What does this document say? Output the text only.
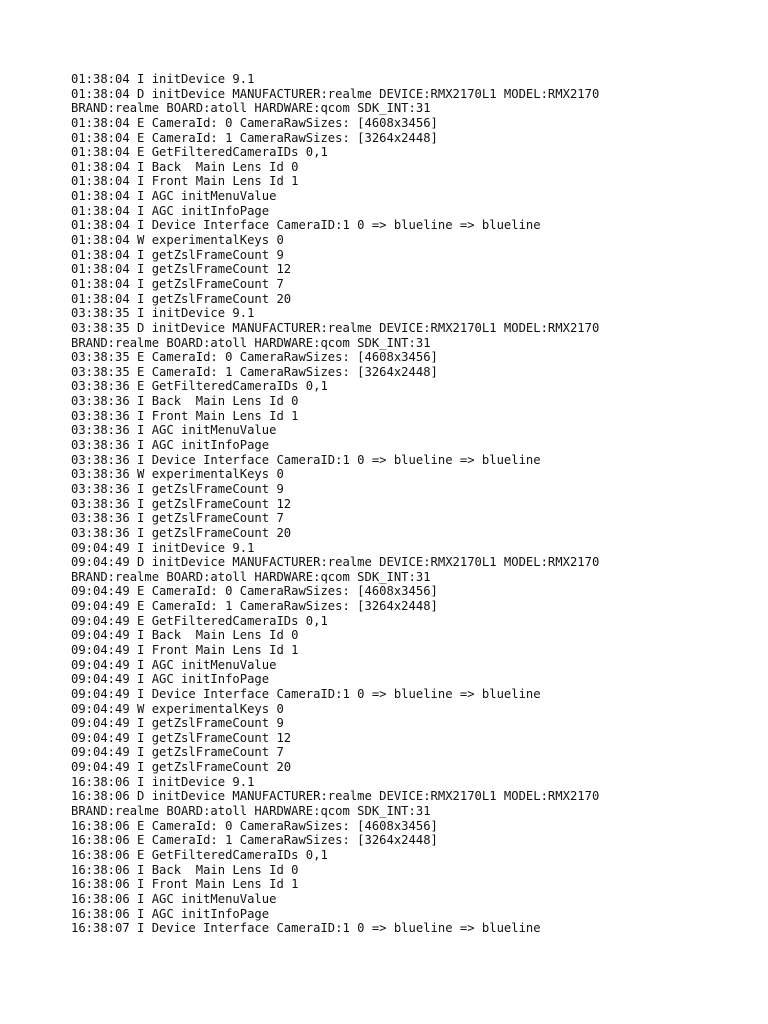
01:38:04 I initDevice 9.1
01:38:04 D initDevice MANUFACTURER:realme DEVICE:RMX2170L1 MODEL:RMX2170
BRAND:realme BOARD:atoll HARDWARE:qcom SDK_INT:31
01:38:04 E CameraId: 0 CameraRawSizes: [4608x3456]
01:38:04 E CameraId: 1 CameraRawSizes: [3264x2448]
01:38:04 E GetFilteredCameraIDs 0,1
01:38:04 I Back  Main Lens Id 0
01:38:04 I Front Main Lens Id 1
01:38:04 I AGC initMenuValue
01:38:04 I AGC initInfoPage
01:38:04 I Device Interface CameraID:1 0 => blueline => blueline
01:38:04 W experimentalKeys 0
01:38:04 I getZslFrameCount 9
01:38:04 I getZslFrameCount 12
01:38:04 I getZslFrameCount 7
01:38:04 I getZslFrameCount 20
03:38:35 I initDevice 9.1
03:38:35 D initDevice MANUFACTURER:realme DEVICE:RMX2170L1 MODEL:RMX2170
BRAND:realme BOARD:atoll HARDWARE:qcom SDK_INT:31
03:38:35 E CameraId: 0 CameraRawSizes: [4608x3456]
03:38:35 E CameraId: 1 CameraRawSizes: [3264x2448]
03:38:36 E GetFilteredCameraIDs 0,1
03:38:36 I Back  Main Lens Id 0
03:38:36 I Front Main Lens Id 1
03:38:36 I AGC initMenuValue
03:38:36 I AGC initInfoPage
03:38:36 I Device Interface CameraID:1 0 => blueline => blueline
03:38:36 W experimentalKeys 0
03:38:36 I getZslFrameCount 9
03:38:36 I getZslFrameCount 12
03:38:36 I getZslFrameCount 7
03:38:36 I getZslFrameCount 20
09:04:49 I initDevice 9.1
09:04:49 D initDevice MANUFACTURER:realme DEVICE:RMX2170L1 MODEL:RMX2170
BRAND:realme BOARD:atoll HARDWARE:qcom SDK_INT:31
09:04:49 E CameraId: 0 CameraRawSizes: [4608x3456]
09:04:49 E CameraId: 1 CameraRawSizes: [3264x2448]
09:04:49 E GetFilteredCameraIDs 0,1
09:04:49 I Back  Main Lens Id 0
09:04:49 I Front Main Lens Id 1
09:04:49 I AGC initMenuValue
09:04:49 I AGC initInfoPage
09:04:49 I Device Interface CameraID:1 0 => blueline => blueline
09:04:49 W experimentalKeys 0
09:04:49 I getZslFrameCount 9
09:04:49 I getZslFrameCount 12
09:04:49 I getZslFrameCount 7
09:04:49 I getZslFrameCount 20
16:38:06 I initDevice 9.1
16:38:06 D initDevice MANUFACTURER:realme DEVICE:RMX2170L1 MODEL:RMX2170
BRAND:realme BOARD:atoll HARDWARE:qcom SDK_INT:31
16:38:06 E CameraId: 0 CameraRawSizes: [4608x3456]
16:38:06 E CameraId: 1 CameraRawSizes: [3264x2448]
16:38:06 E GetFilteredCameraIDs 0,1
16:38:06 I Back  Main Lens Id 0
16:38:06 I Front Main Lens Id 1
16:38:06 I AGC initMenuValue
16:38:06 I AGC initInfoPage
16:38:07 I Device Interface CameraID:1 0 => blueline => blueline
